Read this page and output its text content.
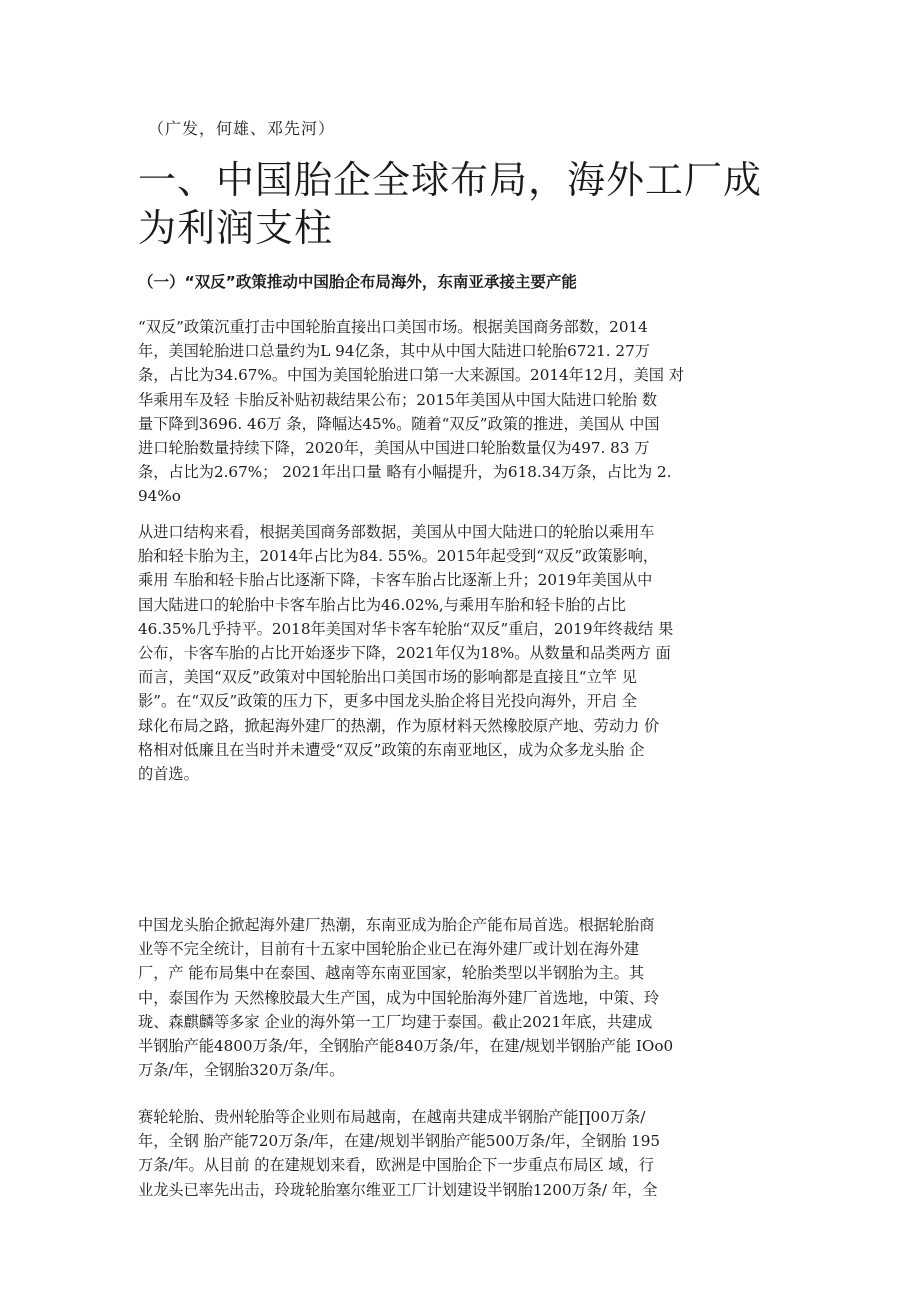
（广发，何雄、邓先河）
一、中国胎企全球布局，海外工厂成为利润支柱
（一）“双反”政策推动中国胎企布局海外，东南亚承接主要产能

“双反”政策沉重打击中国轮胎直接出口美国市场。根据美国商务部数，2014
年，美国轮胎进口总量约为L 94亿条，其中从中国大陆进口轮胎6721. 27万
条，占比为34.67%。中国为美国轮胎进口第一大来源国。2014年12月，美国 对
华乘用车及轻 卡胎反补贴初裁结果公布；2015年美国从中国大陆进口轮胎 数
量下降到3696. 46万 条，降幅达45%。随着“双反”政策的推进，美国从 中国
进口轮胎数量持续下降，2020年，美国从中国进口轮胎数量仅为497. 83 万
条，占比为2.67%； 2021年出口量 略有小幅提升，为618.34万条，占比为 2.
94%o

从进口结构来看，根据美国商务部数据，美国从中国大陆进口的轮胎以乘用车
胎和轻卡胎为主，2014年占比为84. 55%。2015年起受到“双反”政策影响，
乘用 车胎和轻卡胎占比逐渐下降，卡客车胎占比逐渐上升；2019年美国从中
国大陆进口的轮胎中卡客车胎占比为46.02%,与乘用车胎和轻卡胎的占比
46.35%几乎持平。2018年美国对华卡客车轮胎“双反”重启，2019年终裁结 果
公布，卡客车胎的占比开始逐步下降，2021年仅为18%。从数量和品类两方 面
而言，美国“双反”政策对中国轮胎出口美国市场的影响都是直接且“立竿 见
影”。在“双反”政策的压力下，更多中国龙头胎企将目光投向海外，开启 全
球化布局之路，掀起海外建厂的热潮，作为原材料天然橡胶原产地、劳动力 价
格相对低廉且在当时并未遭受“双反”政策的东南亚地区，成为众多龙头胎 企
的首选。

中国龙头胎企掀起海外建厂热潮，东南亚成为胎企产能布局首选。根据轮胎商
业等不完全统计，目前有十五家中国轮胎企业已在海外建厂或计划在海外建
厂，产 能布局集中在泰国、越南等东南亚国家，轮胎类型以半钢胎为主。其
中，泰国作为 天然橡胶最大生产国，成为中国轮胎海外建厂首选地，中策、玲
珑、森麒麟等多家 企业的海外第一工厂均建于泰国。截止2021年底，共建成
半钢胎产能4800万条/年，全钢胎产能840万条/年，在建/规划半钢胎产能 IOo0
万条/年，全钢胎320万条/年。

赛轮轮胎、贵州轮胎等企业则布局越南，在越南共建成半钢胎产能∏00万条/
年，全钢 胎产能720万条/年，在建/规划半钢胎产能500万条/年，全钢胎 195
万条/年。从目前 的在建规划来看，欧洲是中国胎企下一步重点布局区 域，行
业龙头已率先出击，玲珑轮胎塞尔维亚工厂计划建设半钢胎1200万条/ 年，全
